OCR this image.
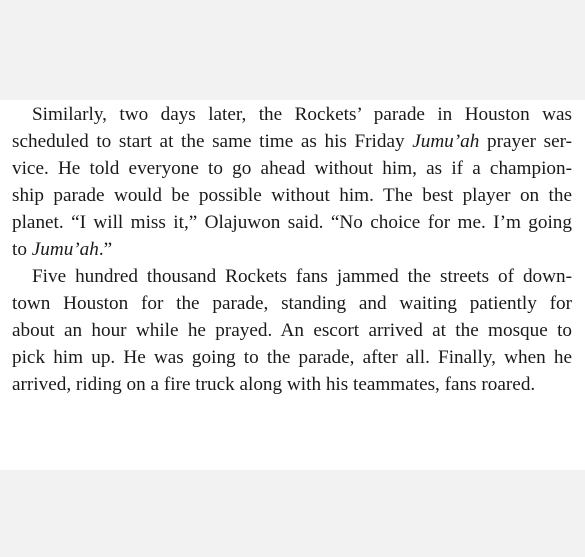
Similarly, two days later, the Rockets’ parade in Houston was
scheduled to start at the same time as his Friday Jumu’ah prayer ser-
vice. He told everyone to go ahead without him, as if a champion-
ship parade would be possible without him. The best player on the
planet. “I will miss it,” Olajuwon said. “No choice for me. I’m going
to Jumu’ah.”
Five hundred thousand Rockets fans jammed the streets of down-
town Houston for the parade, standing and waiting patiently for
about an hour while he prayed. An escort arrived at the mosque to
pick him up. He was going to the parade, after all. Finally, when he
arrived, riding on a fire truck along with his teammates, fans roared.
